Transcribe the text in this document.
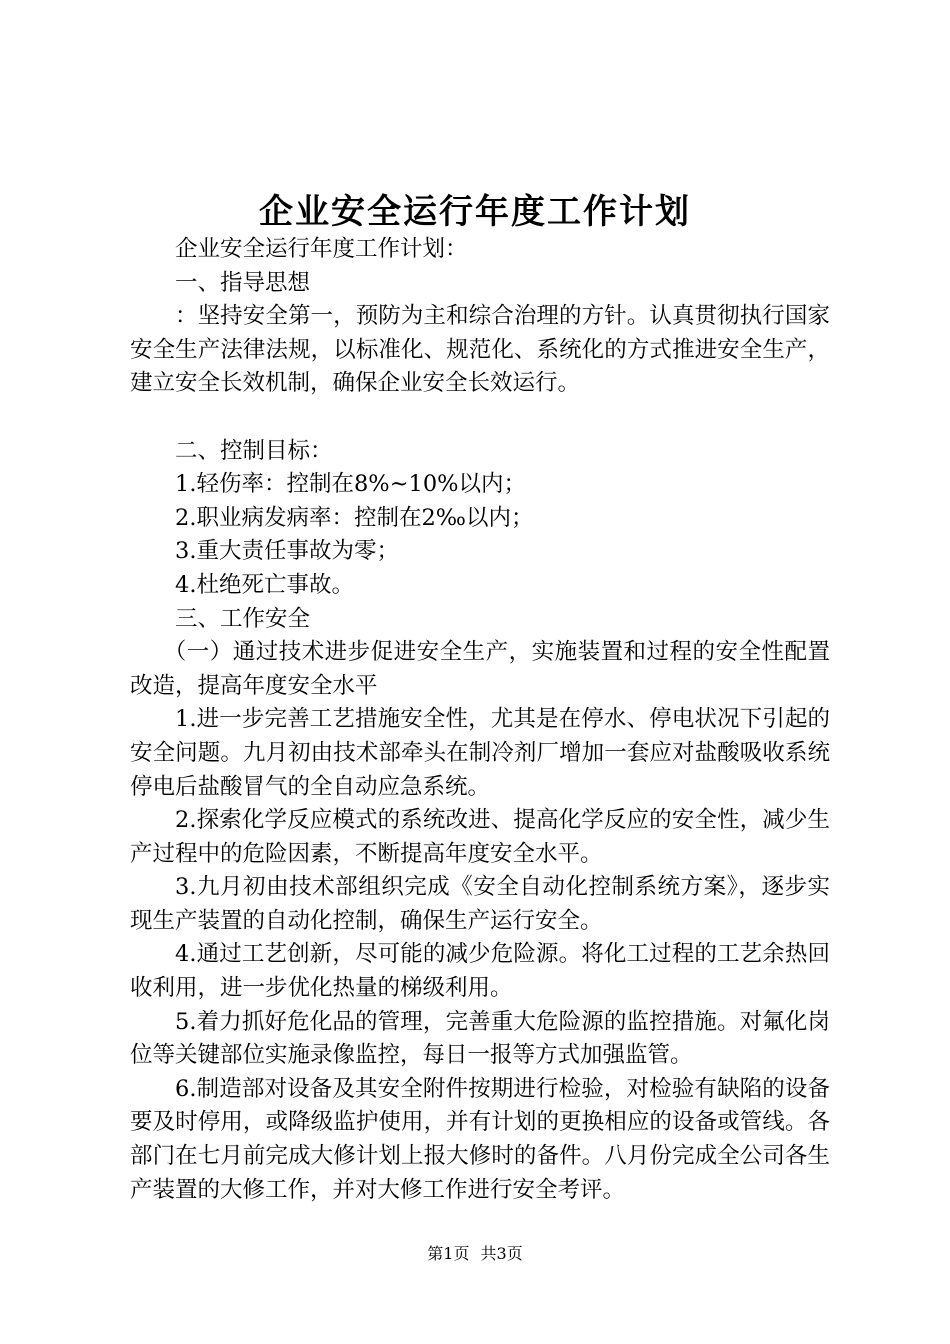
企业安全运行年度工作计划

企业安全运行年度工作计划：

一、指导思想

：坚持安全第一，预防为主和综合治理的方针。认真贯彻执行国家安全生产法律法规，以标准化、规范化、系统化的方式推进安全生产，建立安全长效机制，确保企业安全长效运行。

二、控制目标：

1.轻伤率：控制在8%~10%以内；

2.职业病发病率：控制在2‰以内；

3.重大责任事故为零；

4.杜绝死亡事故。

三、工作安全

（一）通过技术进步促进安全生产，实施装置和过程的安全性配置改造，提高年度安全水平

1.进一步完善工艺措施安全性，尤其是在停水、停电状况下引起的安全问题。九月初由技术部牵头在制冷剂厂增加一套应对盐酸吸收系统停电后盐酸冒气的全自动应急系统。

2.探索化学反应模式的系统改进、提高化学反应的安全性，减少生产过程中的危险因素，不断提高年度安全水平。

3.九月初由技术部组织完成《安全自动化控制系统方案》，逐步实现生产装置的自动化控制，确保生产运行安全。

4.通过工艺创新，尽可能的减少危险源。将化工过程的工艺余热回收利用，进一步优化热量的梯级利用。

5.着力抓好危化品的管理，完善重大危险源的监控措施。对氟化岗位等关键部位实施录像监控，每日一报等方式加强监管。

6.制造部对设备及其安全附件按期进行检验，对检验有缺陷的设备要及时停用，或降级监护使用，并有计划的更换相应的设备或管线。各部门在七月前完成大修计划上报大修时的备件。八月份完成全公司各生产装置的大修工作，并对大修工作进行安全考评。

第1页 共3页
